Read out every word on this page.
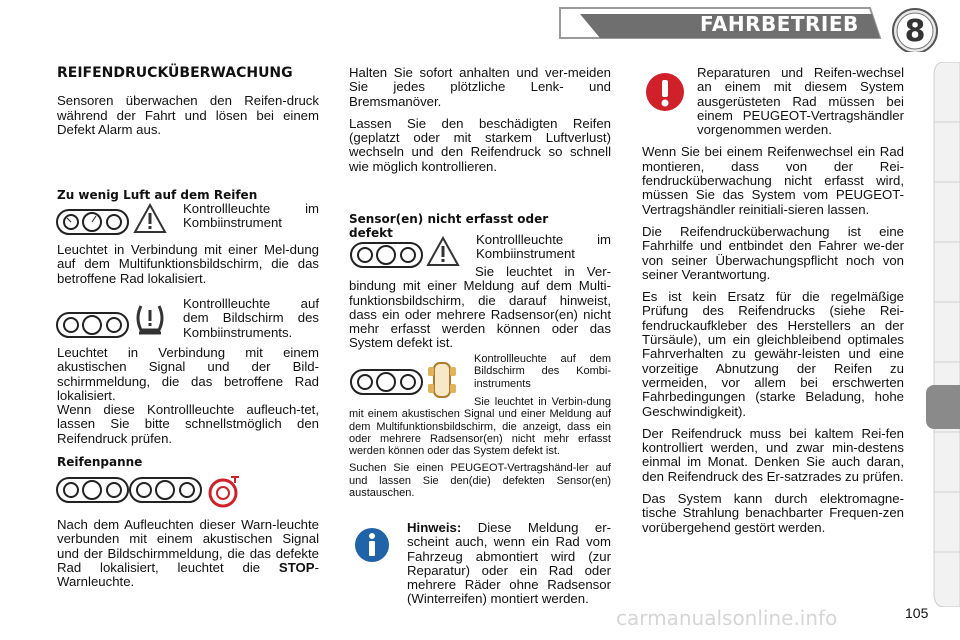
FAHRBETRIEB	8
REIFENDRUCKÜBERWACHUNG

Sensoren überwachen den Reifen-druck während der Fahrt und lösen bei einem Defekt Alarm aus.

Zu wenig Luft auf dem Reifen

Kontrollleuchte im Kombiinstrument

Leuchtet in Verbindung mit einer Mel-dung auf dem Multifunktionsbildschirm, die das betroffene Rad lokalisiert.

Kontrollleuchte auf dem Bildschirm des Kombiinstruments.

Leuchtet in Verbindung mit einem akustischen Signal und der Bild-schirmmeldung, die das betroffene Rad lokalisiert.

Wenn diese Kontrollleuchte aufleuch-tet, lassen Sie bitte schnellstmöglich den Reifendruck prüfen.

Reifenpanne

Nach dem Aufleuchten dieser Warn-leuchte verbunden mit einem akustischen Signal und der Bildschirmmeldung, die das defekte Rad lokalisiert, leuchtet die STOP-Warnleuchte.

Halten Sie sofort anhalten und ver-meiden Sie jedes plötzliche Lenk- und Bremsmanöver.

Lassen Sie den beschädigten Reifen (geplatzt oder mit starkem Luftverlust) wechseln und den Reifendruck so schnell wie möglich kontrollieren.

Sensor(en) nicht erfasst oder defekt	Kontrollleuchte im Kombiinstrument

Sie leuchtet in Ver-bindung mit einer Meldung auf dem Multi-funktionsbildschirm, die darauf hinweist, dass ein oder mehrere Radsensor(en) nicht mehr erfasst werden können oder das System defekt ist.

Kontrollleuchte auf dem Bildschirm des Kombi-instruments

Sie leuchtet in Verbin-dung mit einem akustischen Signal und einer Meldung auf dem Multifunktionsbildschirm, die anzeigt, dass ein oder mehrere Radsensor(en) nicht mehr erfasst werden können oder das System defekt ist.

Suchen Sie einen PEUGEOT-Vertragshänd-ler auf und lassen Sie den(die) defekten Sensor(en) austauschen.

Hinweis: Diese Meldung er-scheint auch, wenn ein Rad vom Fahrzeug abmontiert wird (zur Reparatur) oder ein Rad oder mehrere Räder ohne Radsensor (Winterreifen) montiert werden.

Reparaturen und Reifen-wechsel an einem mit diesem System ausgerüsteten Rad müssen bei einem PEUGEOT-Vertragshändler vorgenommen werden.

Wenn Sie bei einem Reifenwechsel ein Rad montieren, dass von der Rei-fendrucküberwachung nicht erfasst wird, müssen Sie das System vom PEUGEOT-Vertragshändler reinitiali-sieren lassen.

Die Reifendrucküberwachung ist eine Fahrhilfe und entbindet den Fahrer we-der von seiner Überwachungspflicht noch von seiner Verantwortung.

Es ist kein Ersatz für die regelmäßige Prüfung des Reifendrucks (siehe Rei-fendruckaufkleber des Herstellers an der Türsäule), um ein gleichbleibend optimales Fahrverhalten zu gewähr-leisten und eine vorzeitige Abnutzung der Reifen zu vermeiden, vor allem bei erschwerten Fahrbedingungen (starke Beladung, hohe Geschwindigkeit).

Der Reifendruck muss bei kaltem Rei-fen kontrolliert werden, und zwar min-destens einmal im Monat. Denken Sie auch daran, den Reifendruck des Er-satzrades zu prüfen.

Das System kann durch elektromagne-tische Strahlung benachbarter Frequen-zen vorübergehend gestört werden.

carmanualsonline.info	105
